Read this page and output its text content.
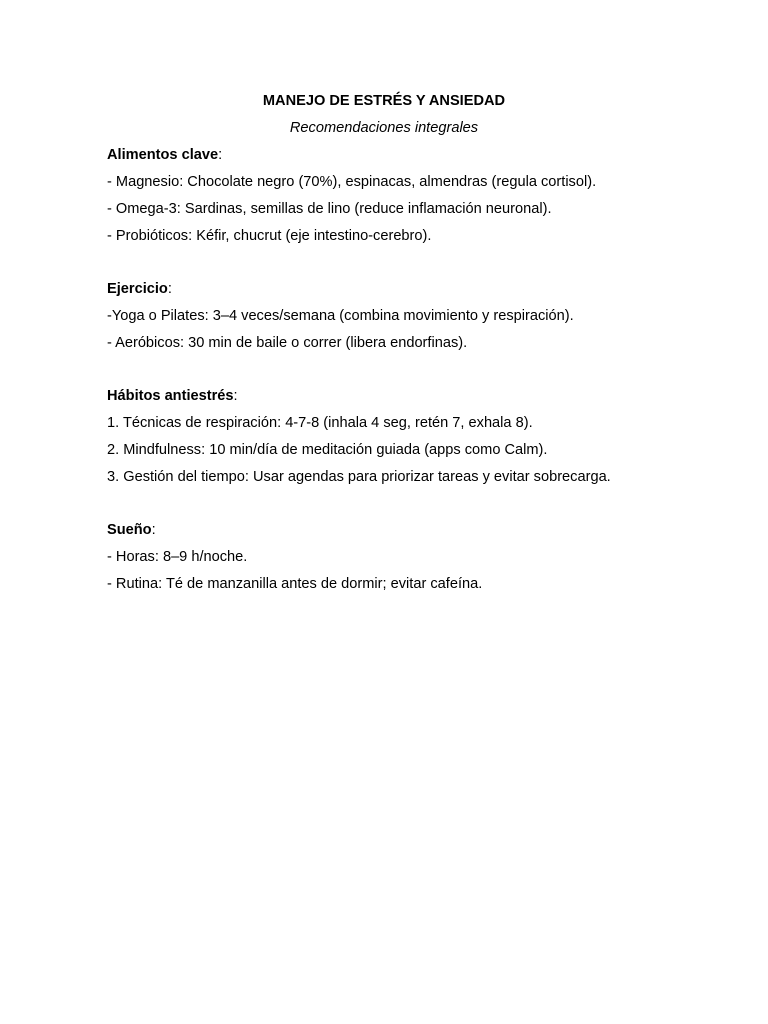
MANEJO DE ESTRÉS Y ANSIEDAD

Recomendaciones integrales

Alimentos clave:

- Magnesio: Chocolate negro (70%), espinacas, almendras (regula cortisol).

- Omega-3: Sardinas, semillas de lino (reduce inflamación neuronal).

- Probióticos: Kéfir, chucrut (eje intestino-cerebro).

Ejercicio:

-Yoga o Pilates: 3–4 veces/semana (combina movimiento y respiración).

- Aeróbicos: 30 min de baile o correr (libera endorfinas).

Hábitos antiestrés:

1. Técnicas de respiración: 4-7-8 (inhala 4 seg, retén 7, exhala 8).

2. Mindfulness: 10 min/día de meditación guiada (apps como Calm).

3. Gestión del tiempo: Usar agendas para priorizar tareas y evitar sobrecarga.

Sueño:

- Horas: 8–9 h/noche.

- Rutina: Té de manzanilla antes de dormir; evitar cafeína.
